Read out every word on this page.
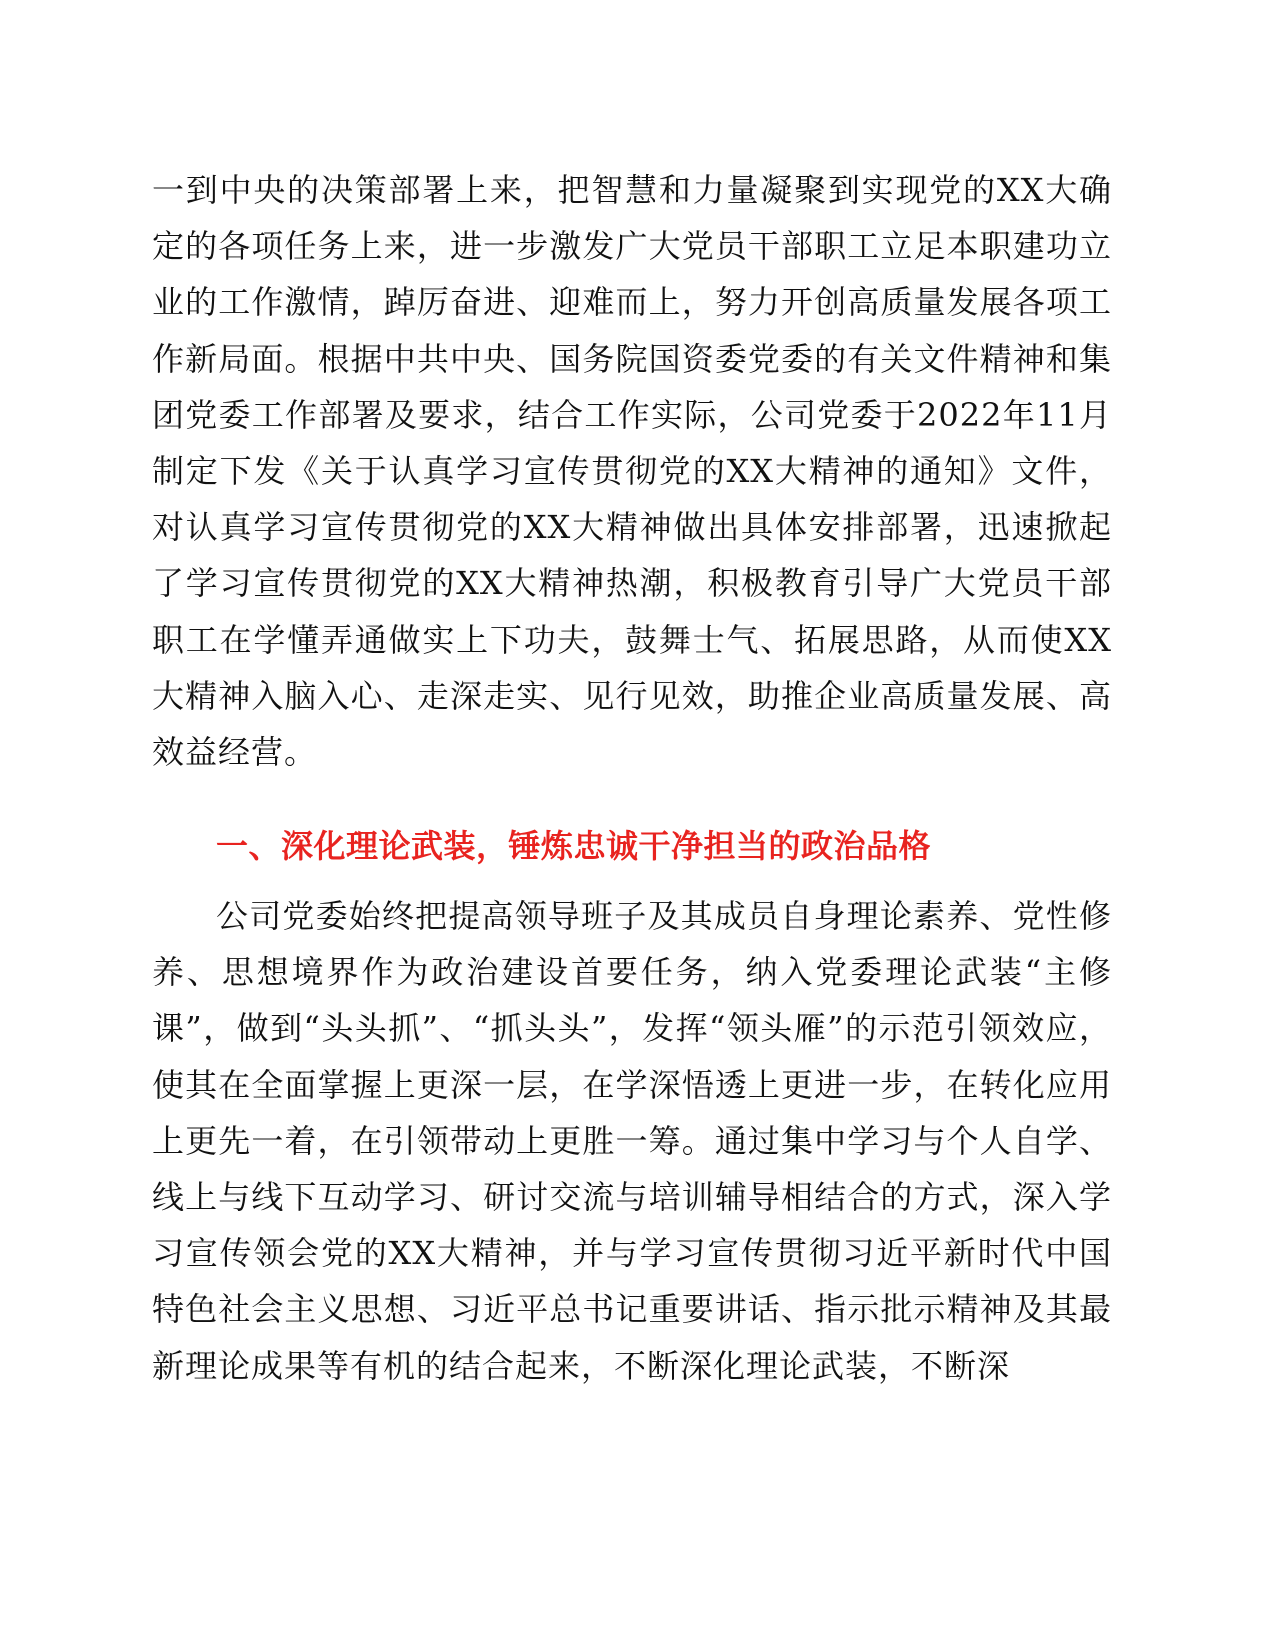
一到中央的决策部署上来，把智慧和力量凝聚到实现党的XX大确定的各项任务上来，进一步激发广大党员干部职工立足本职建功立业的工作激情，踔厉奋进、迎难而上，努力开创高质量发展各项工作新局面。根据中共中央、国务院国资委党委的有关文件精神和集团党委工作部署及要求，结合工作实际，公司党委于2022年11月制定下发《关于认真学习宣传贯彻党的XX大精神的通知》文件，对认真学习宣传贯彻党的XX大精神做出具体安排部署，迅速掀起了学习宣传贯彻党的XX大精神热潮，积极教育引导广大党员干部职工在学懂弄通做实上下功夫，鼓舞士气、拓展思路，从而使XX大精神入脑入心、走深走实、见行见效，助推企业高质量发展、高效益经营。

一、深化理论武装，锤炼忠诚干净担当的政治品格

公司党委始终把提高领导班子及其成员自身理论素养、党性修养、思想境界作为政治建设首要任务，纳入党委理论武装“主修课”，做到“头头抓”、“抓头头”，发挥“领头雁”的示范引领效应，使其在全面掌握上更深一层，在学深悟透上更进一步，在转化应用上更先一着，在引领带动上更胜一筹。通过集中学习与个人自学、线上与线下互动学习、研讨交流与培训辅导相结合的方式，深入学习宣传领会党的XX大精神，并与学习宣传贯彻习近平新时代中国特色社会主义思想、习近平总书记重要讲话、指示批示精神及其最新理论成果等有机的结合起来，不断深化理论武装，不断深
